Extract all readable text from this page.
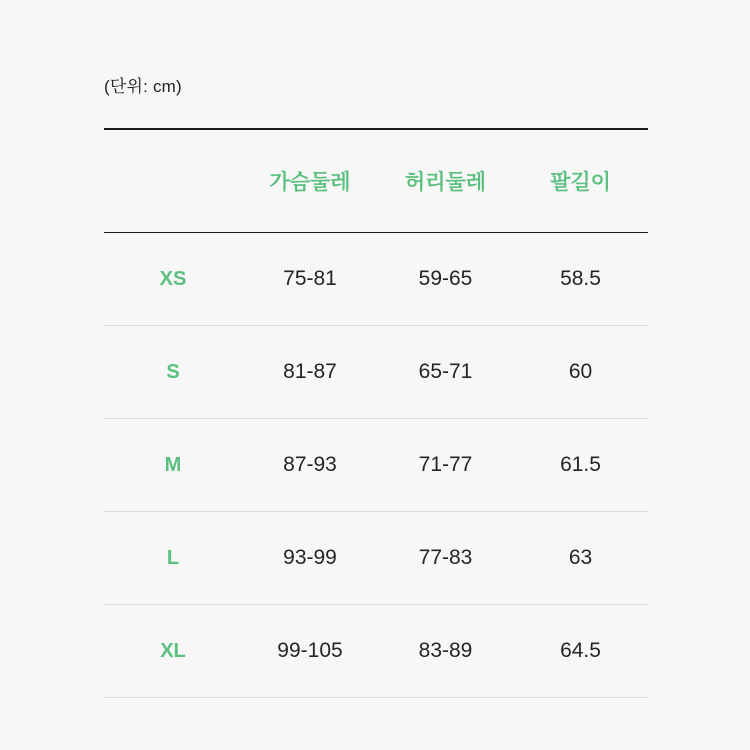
(단위: cm)
	가슴둘레	허리둘레	팔길이
XS	75-81	59-65	58.5
S	81-87	65-71	60
M	87-93	71-77	61.5
L	93-99	77-83	63
XL	99-105	83-89	64.5
